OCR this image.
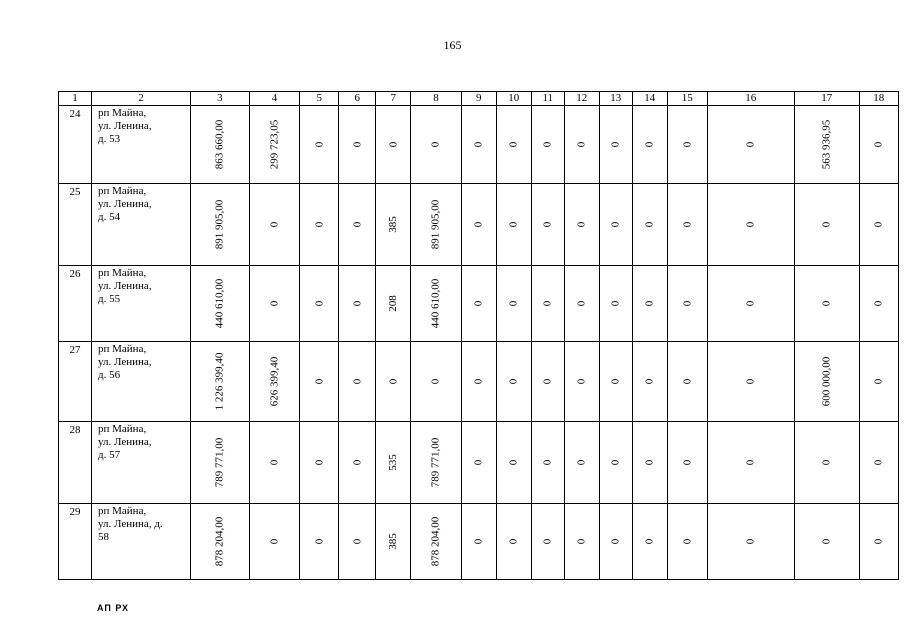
165
1	2	3	4	5	6	7	8	9	10	11	12	13	14	15	16	17	18
24	рп Майна,
ул. Ленина,
д. 53	863 660,00	299 723,05	0	0	0	0	0	0	0	0	0	0	0	0	563 936,95	0
25	рп Майна,
ул. Ленина,
д. 54	891 905,00	0	0	0	385	891 905,00	0	0	0	0	0	0	0	0	0	0
26	рп Майна,
ул. Ленина,
д. 55	440 610,00	0	0	0	208	440 610,00	0	0	0	0	0	0	0	0	0	0
27	рп Майна,
ул. Ленина,
д. 56	1 226 399,40	626 399,40	0	0	0	0	0	0	0	0	0	0	0	0	600 000,00	0
28	рп Майна,
ул. Ленина,
д. 57	789 771,00	0	0	0	535	789 771,00	0	0	0	0	0	0	0	0	0	0
29	рп Майна,
ул. Ленина, д.
58	878 204,00	0	0	0	385	878 204,00	0	0	0	0	0	0	0	0	0	0
АП РХ
